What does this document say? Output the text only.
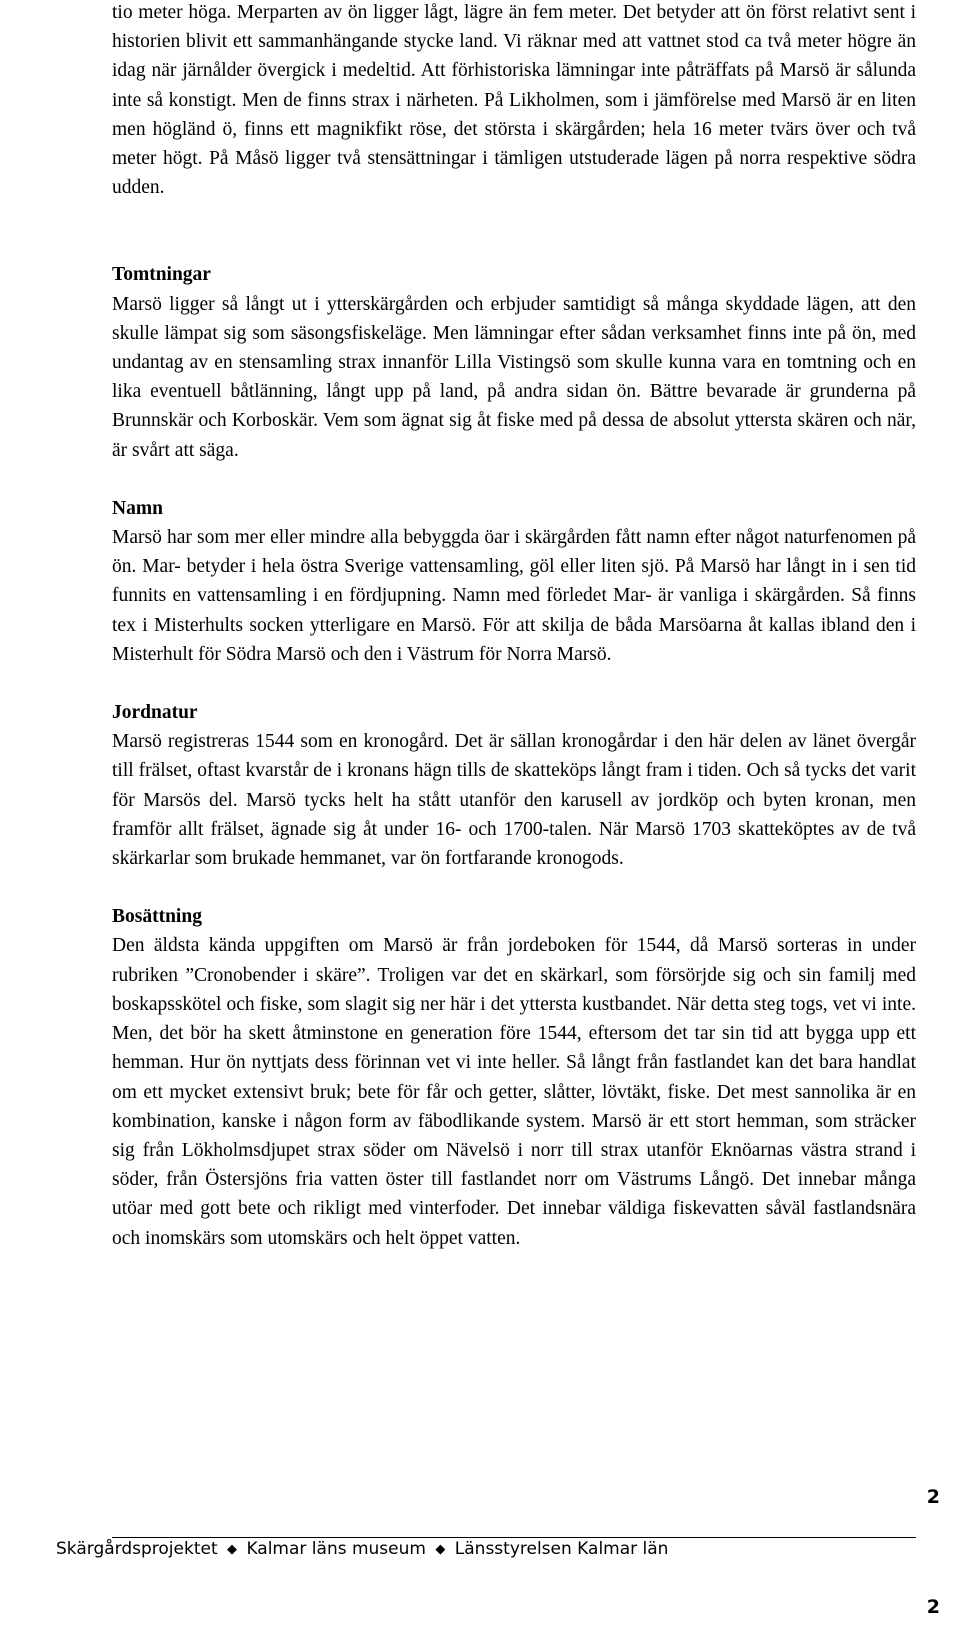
tio meter höga. Merparten av ön ligger lågt, lägre än fem meter. Det betyder att ön först relativt sent i historien blivit ett sammanhängande stycke land. Vi räknar med att vattnet stod ca två meter högre än idag när järnålder övergick i medeltid. Att förhistoriska lämningar inte påträffats på Marsö är sålunda inte så konstigt. Men de finns strax i närheten. På Likholmen, som i jämförelse med Marsö är en liten men högländ ö, finns ett magnikfikt röse, det största i skärgården; hela 16 meter tvärs över och två meter högt. På Måsö ligger två stensättningar i tämligen utstuderade lägen på norra respektive södra udden.

Tomtningar

Marsö ligger så långt ut i ytterskärgården och erbjuder samtidigt så många skyddade lägen, att den skulle lämpat sig som säsongsfiskeläge. Men lämningar efter sådan verksamhet finns inte på ön, med undantag av en stensamling strax innanför Lilla Vistingsö som skulle kunna vara en tomtning och en lika eventuell båtlänning, långt upp på land, på andra sidan ön. Bättre bevarade är grunderna på Brunnskär och Korboskär. Vem som ägnat sig åt fiske med på dessa de absolut yttersta skären och när, är svårt att säga.

Namn

Marsö har som mer eller mindre alla bebyggda öar i skärgården fått namn efter något naturfenomen på ön. Mar- betyder i hela östra Sverige vattensamling, göl eller liten sjö. På Marsö har långt in i sen tid funnits en vattensamling i en fördjupning. Namn med förledet Mar- är vanliga i skärgården. Så finns tex i Misterhults socken ytterligare en Marsö. För att skilja de båda Marsöarna åt kallas ibland den i Misterhult för Södra Marsö och den i Västrum för Norra Marsö.

Jordnatur

Marsö registreras 1544 som en kronogård. Det är sällan kronogårdar i den här delen av länet övergår till frälset, oftast kvarstår de i kronans hägn tills de skatteköps långt fram i tiden. Och så tycks det varit för Marsös del. Marsö tycks helt ha stått utanför den karusell av jordköp och byten kronan, men framför allt frälset, ägnade sig åt under 16- och 1700-talen. När Marsö 1703 skatteköptes av de två skärkarlar som brukade hemmanet, var ön fortfarande kronogods.

Bosättning

Den äldsta kända uppgiften om Marsö är från jordeboken för 1544, då Marsö sorteras in under rubriken ”Cronobender i skäre”. Troligen var det en skärkarl, som försörjde sig och sin familj med boskapsskötel och fiske, som slagit sig ner här i det yttersta kustbandet. När detta steg togs, vet vi inte. Men, det bör ha skett åtminstone en generation före 1544, eftersom det tar sin tid att bygga upp ett hemman. Hur ön nyttjats dess förinnan vet vi inte heller. Så långt från fastlandet kan det bara handlat om ett mycket extensivt bruk; bete för får och getter, slåtter, lövtäkt, fiske. Det mest sannolika är en kombination, kanske i någon form av fäbodlikande system. Marsö är ett stort hemman, som sträcker sig från Lökholmsdjupet strax söder om Nävelsö i norr till strax utanför Eknöarnas västra strand i söder, från Östersjöns fria vatten öster till fastlandet norr om Västrums Långö. Det innebar många utöar med gott bete och rikligt med vinterfoder. Det innebar väldiga fiskevatten såväl fastlandsnära och inomskärs som utomskärs och helt öppet vatten.

2
Skärgårdsprojektet ◆ Kalmar läns museum ◆ Länsstyrelsen Kalmar län
2
